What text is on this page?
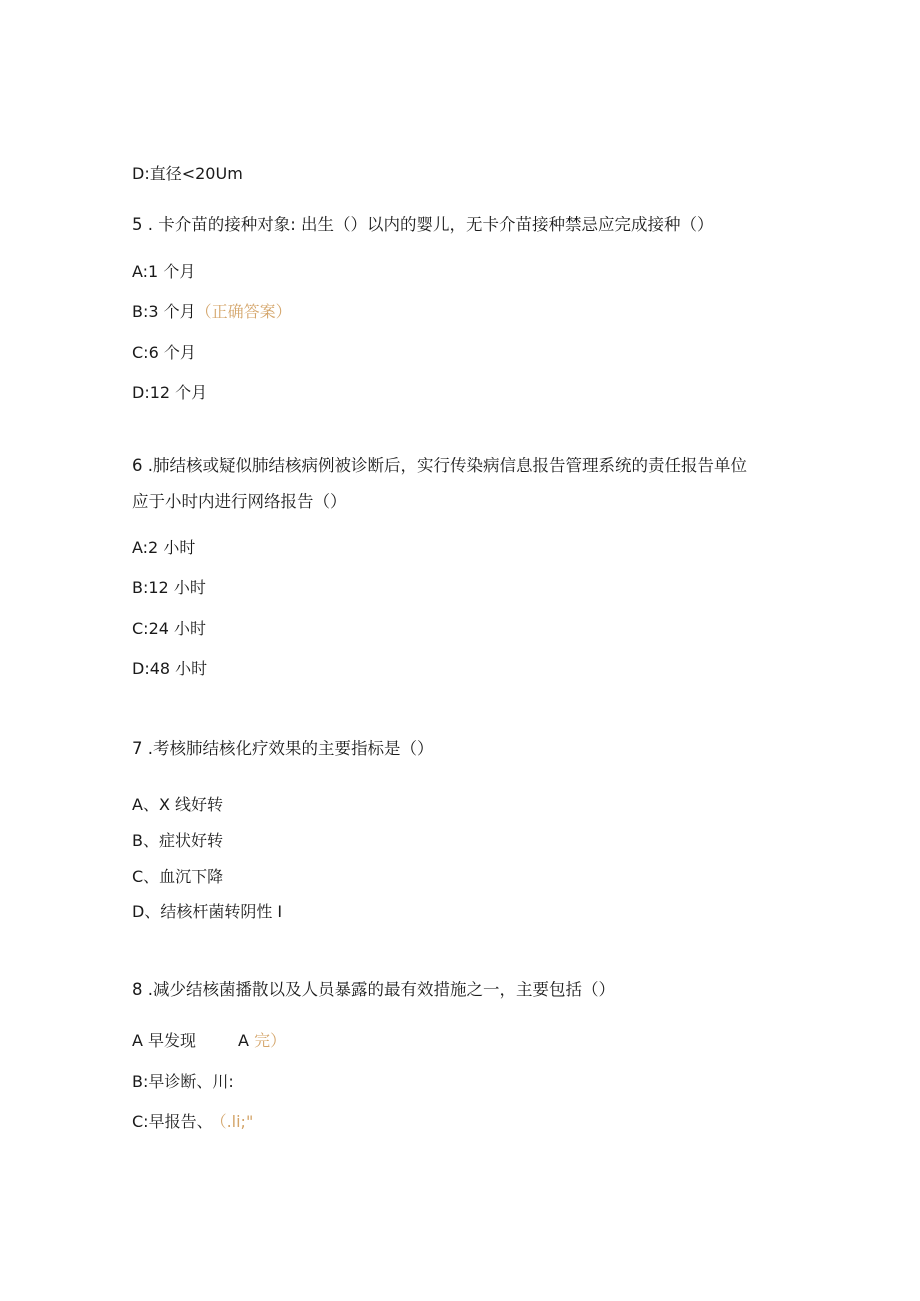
D:直径<20Um
5 . 卡介苗的接种对象: 出生（）以内的婴儿，无卡介苗接种禁忌应完成接种（）
A:1 个月
B:3 个月（正确答案）
C:6 个月
D:12 个月
6 .肺结核或疑似肺结核病例被诊断后，实行传染病信息报告管理系统的责任报告单位
应于小时内进行网络报告（）
A:2 小时
B:12 小时
C:24 小时
D:48 小时
7 .考核肺结核化疗效果的主要指标是（）
A、X 线好转
B、症状好转
C、血沉下降
D、结核杆菌转阴性 I
8 .减少结核菌播散以及人员暴露的最有效措施之一，主要包括（）
A 早发现	A 完）
B:早诊断、川:
C:早报告、 （.li;"
